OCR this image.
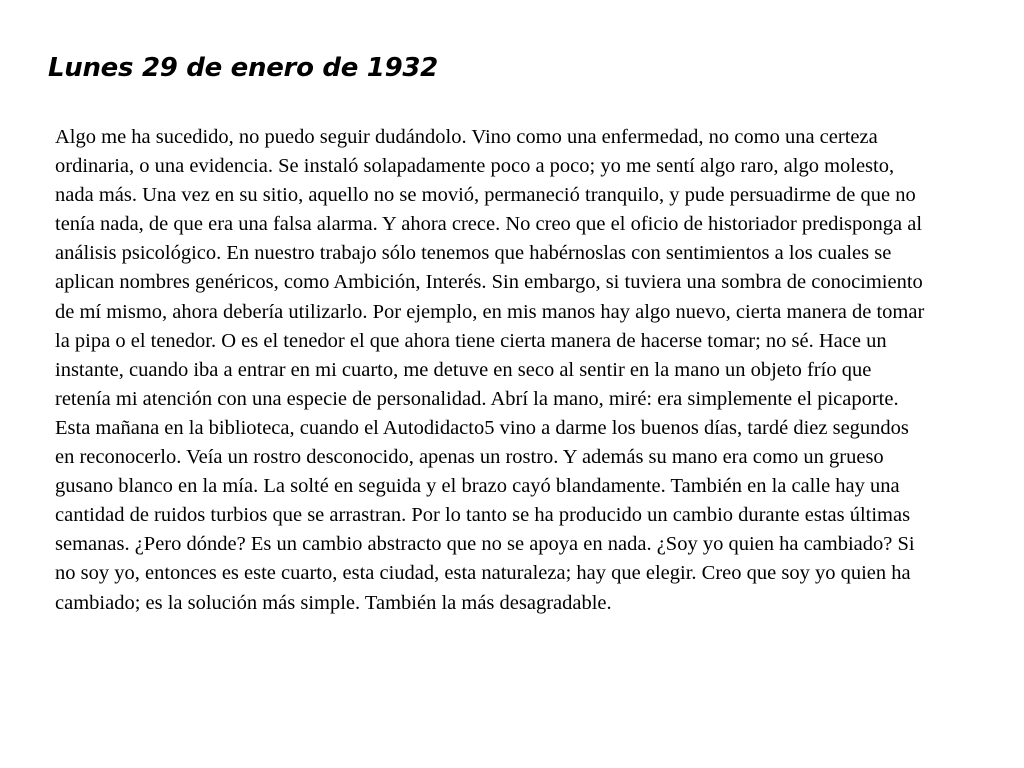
Lunes 29 de enero de 1932

Algo me ha sucedido, no puedo seguir dudándolo. Vino como una enfermedad, no como una certeza ordinaria, o una evidencia. Se instaló solapadamente poco a poco; yo me sentí algo raro, algo molesto, nada más. Una vez en su sitio, aquello no se movió, permaneció tranquilo, y pude persuadirme de que no tenía nada, de que era una falsa alarma. Y ahora crece. No creo que el oficio de historiador predisponga al análisis psicológico. En nuestro trabajo sólo tenemos que habérnoslas con sentimientos a los cuales se aplican nombres genéricos, como Ambición, Interés. Sin embargo, si tuviera una sombra de conocimiento de mí mismo, ahora debería utilizarlo. Por ejemplo, en mis manos hay algo nuevo, cierta manera de tomar la pipa o el tenedor. O es el tenedor el que ahora tiene cierta manera de hacerse tomar; no sé. Hace un instante, cuando iba a entrar en mi cuarto, me detuve en seco al sentir en la mano un objeto frío que retenía mi atención con una especie de personalidad. Abrí la mano, miré: era simplemente el picaporte. Esta mañana en la biblioteca, cuando el Autodidacto5 vino a darme los buenos días, tardé diez segundos en reconocerlo. Veía un rostro desconocido, apenas un rostro. Y además su mano era como un grueso gusano blanco en la mía. La solté en seguida y el brazo cayó blandamente. También en la calle hay una cantidad de ruidos turbios que se arrastran. Por lo tanto se ha producido un cambio durante estas últimas semanas. ¿Pero dónde? Es un cambio abstracto que no se apoya en nada. ¿Soy yo quien ha cambiado? Si no soy yo, entonces es este cuarto, esta ciudad, esta naturaleza; hay que elegir. Creo que soy yo quien ha cambiado; es la solución más simple. También la más desagradable.
